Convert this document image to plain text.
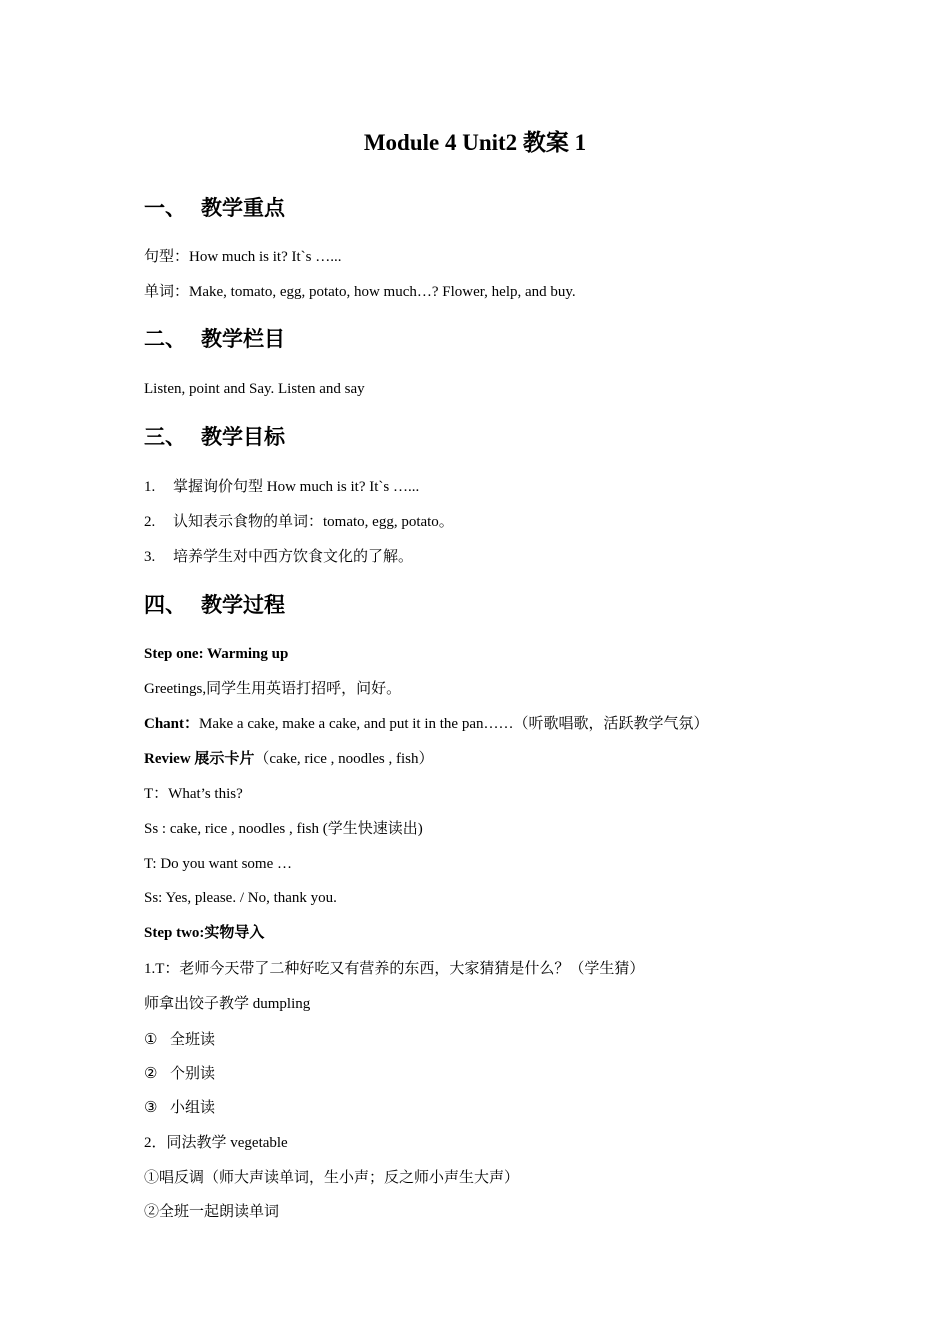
Module 4 Unit2 教案 1
一、 教学重点
句型：How much is it? It`s …...
单词：Make, tomato, egg, potato, how much…? Flower, help, and buy.
二、 教学栏目
Listen, point and Say. Listen and say
三、 教学目标
1. 掌握询价句型 How much is it? It`s …...
2. 认知表示食物的单词：tomato, egg, potato。
3. 培养学生对中西方饮食文化的了解。
四、 教学过程
Step one: Warming up
Greetings,同学生用英语打招呼，问好。
Chant：Make a cake, make a cake, and put it in the pan……（听歌唱歌，活跃教学气氛）
Review 展示卡片（cake, rice , noodles , fish）
T：What’s this?
Ss : cake, rice , noodles , fish (学生快速读出)
T: Do you want some …
Ss: Yes, please. / No, thank you.
Step two:实物导入
1.T：老师今天带了二种好吃又有营养的东西，大家猜猜是什么？（学生猜）
师拿出饺子教学 dumpling
① 全班读
② 个别读
③ 小组读
2．同法教学 vegetable
①唱反调（师大声读单词，生小声；反之师小声生大声）
②全班一起朗读单词
